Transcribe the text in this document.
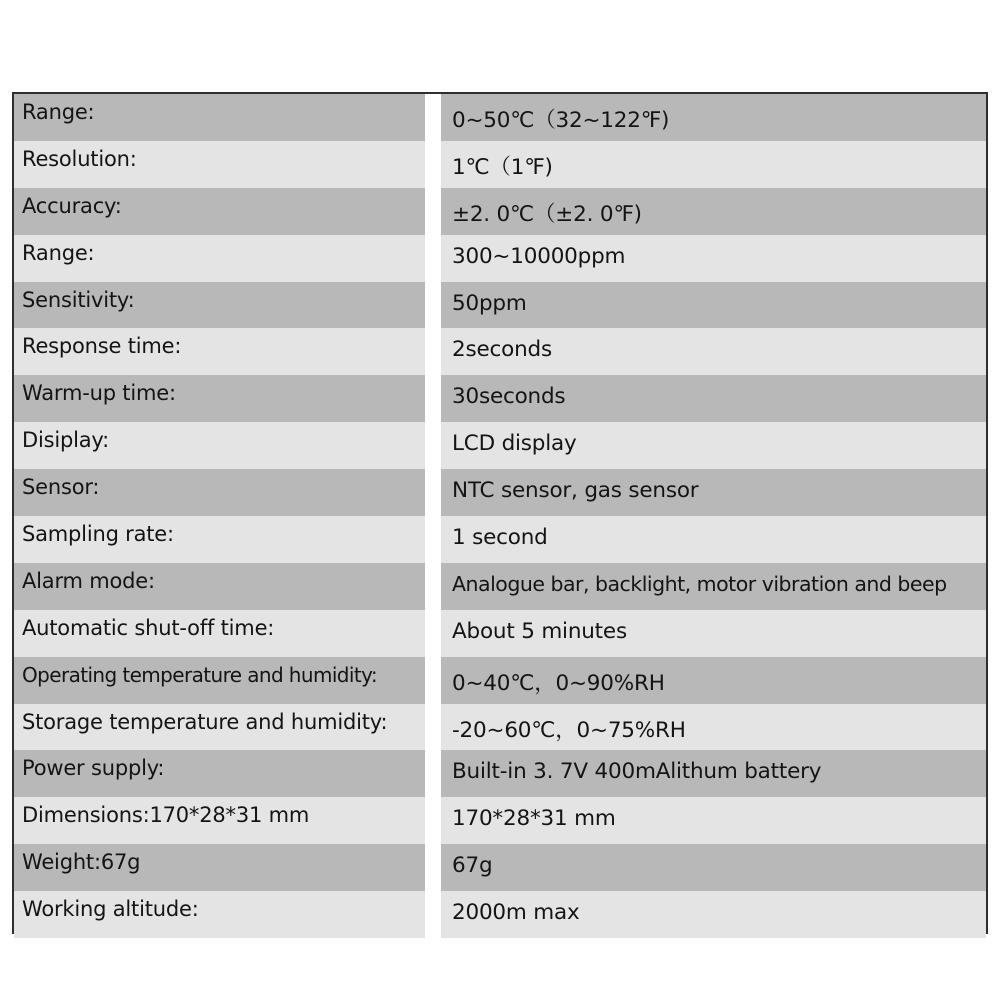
Range:	0~50℃（32~122℉)
Resolution:	1℃（1℉)
Accuracy:	±2. 0℃（±2. 0℉)
Range:	300~10000ppm
Sensitivity:	50ppm
Response time:	2seconds
Warm-up time:	30seconds
Disiplay:	LCD display
Sensor:	NTC sensor, gas sensor
Sampling rate:	1 second
Alarm mode:	Analogue bar, backlight, motor vibration and beep
Automatic shut-off time:	About 5 minutes
Operating temperature and humidity:	0~40℃，0~90%RH
Storage temperature and humidity:	-20~60℃，0~75%RH
Power supply:	Built-in 3. 7V 400mAlithum battery
Dimensions:170*28*31 mm	170*28*31 mm
Weight:67g	67g
Working altitude:	2000m max
